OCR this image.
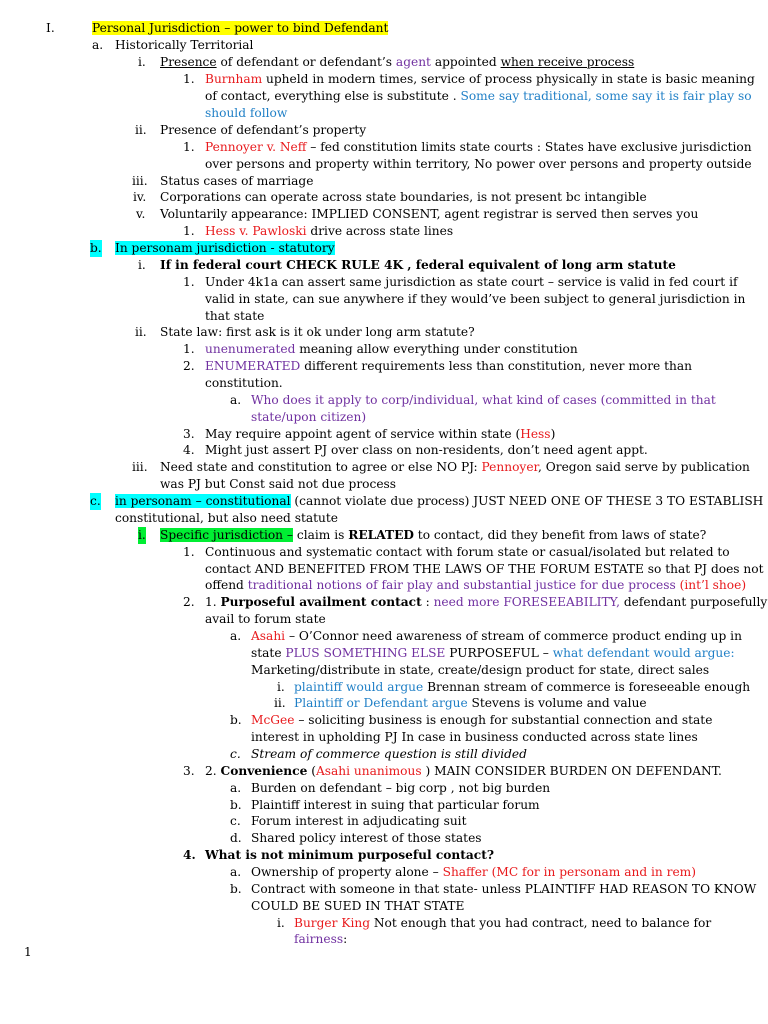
1
I.	Personal Jurisdiction – power to bind Defendant
a. Historically Territorial
i. Presence of defendant or defendant’s agent appointed when receive process
1. Burnham upheld in modern times, service of process physically in state is basic meaning
of contact, everything else is substitute . Some say traditional, some say it is fair play so
should follow
ii. Presence of defendant’s property
1. Pennoyer v. Neff – fed constitution limits state courts : States have exclusive jurisdiction
over persons and property within territory, No power over persons and property outside
iii. Status cases of marriage
iv. Corporations can operate across state boundaries, is not present bc intangible
v. Voluntarily appearance: IMPLIED CONSENT, agent registrar is served then serves you
1. Hess v. Pawloski drive across state lines
b. In personam jurisdiction - statutory
i. If in federal court CHECK RULE 4K , federal equivalent of long arm statute
1. Under 4k1a can assert same jurisdiction as state court – service is valid in fed court if
valid in state, can sue anywhere if they would’ve been subject to general jurisdiction in
that state
ii. State law: first ask is it ok under long arm statute?
1. unenumerated meaning allow everything under constitution
2. ENUMERATED different requirements less than constitution, never more than
constitution.
a. Who does it apply to corp/individual, what kind of cases (committed in that
state/upon citizen)
3. May require appoint agent of service within state (Hess)
4. Might just assert PJ over class on non-residents, don’t need agent appt.
iii. Need state and constitution to agree or else NO PJ: Pennoyer, Oregon said serve by publication
was PJ but Const said not due process
c. in personam – constitutional (cannot violate due process) JUST NEED ONE OF THESE 3 TO ESTABLISH
constitutional, but also need statute
i. Specific jurisdiction – claim is RELATED to contact, did they benefit from laws of state?
1. Continuous and systematic contact with forum state or casual/isolated but related to
contact AND BENEFITED FROM THE LAWS OF THE FORUM ESTATE so that PJ does not
offend traditional notions of fair play and substantial justice for due process (int’l shoe)
2. 1. Purposeful availment contact : need more FORESEEABILITY, defendant purposefully
avail to forum state
a. Asahi – O’Connor need awareness of stream of commerce product ending up in
state PLUS SOMETHING ELSE PURPOSEFUL – what defendant would argue:
Marketing/distribute in state, create/design product for state, direct sales
i. plaintiff would argue Brennan stream of commerce is foreseeable enough
ii. Plaintiff or Defendant argue Stevens is volume and value
b. McGee – soliciting business is enough for substantial connection and state
interest in upholding PJ In case in business conducted across state lines
c. Stream of commerce question is still divided
3. 2. Convenience (Asahi unanimous ) MAIN CONSIDER BURDEN ON DEFENDANT.
a. Burden on defendant – big corp , not big burden
b. Plaintiff interest in suing that particular forum
c. Forum interest in adjudicating suit
d. Shared policy interest of those states
4. What is not minimum purposeful contact?
a. Ownership of property alone – Shaffer (MC for in personam and in rem)
b. Contract with someone in that state- unless PLAINTIFF HAD REASON TO KNOW
COULD BE SUED IN THAT STATE
i. Burger King Not enough that you had contract, need to balance for
fairness:
